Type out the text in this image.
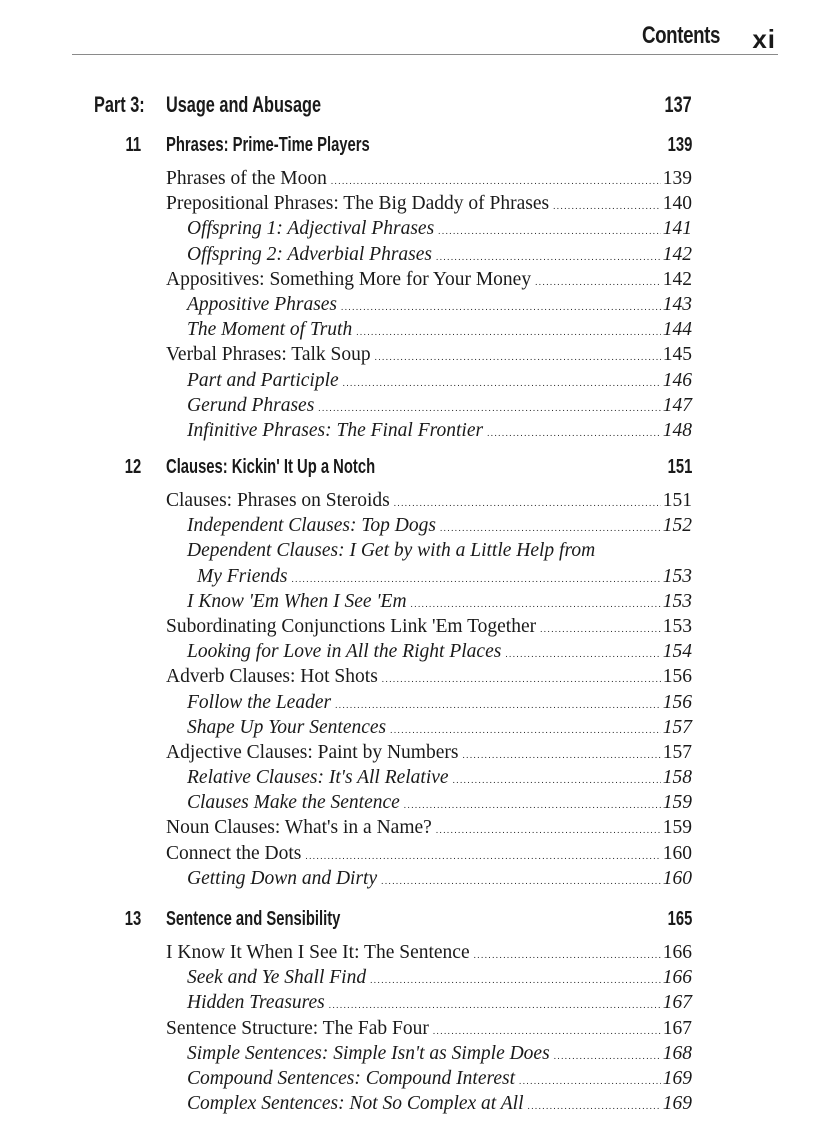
Contents xi
Part 3: Usage and Abusage	137
11 Phrases: Prime-Time Players	139
Phrases of the Moon . . .	139
Prepositional Phrases: The Big Daddy of Phrases . . .	140
Offspring 1: Adjectival Phrases . . .	141
Offspring 2: Adverbial Phrases . . .	142
Appositives: Something More for Your Money . . .	142
Appositive Phrases . . .	143
The Moment of Truth . . .	144
Verbal Phrases: Talk Soup . . .	145
Part and Participle . . .	146
Gerund Phrases . . .	147
Infinitive Phrases: The Final Frontier . . .	148
12 Clauses: Kickin' It Up a Notch	151
Clauses: Phrases on Steroids . . .	151
Independent Clauses: Top Dogs . . .	152
Dependent Clauses: I Get by with a Little Help from
My Friends . . .	153
I Know 'Em When I See 'Em . . .	153
Subordinating Conjunctions Link 'Em Together . . .	153
Looking for Love in All the Right Places . . .	154
Adverb Clauses: Hot Shots . . .	156
Follow the Leader . . .	156
Shape Up Your Sentences . . .	157
Adjective Clauses: Paint by Numbers . . .	157
Relative Clauses: It's All Relative . . .	158
Clauses Make the Sentence . . .	159
Noun Clauses: What's in a Name? . . .	159
Connect the Dots . . .	160
Getting Down and Dirty . . .	160
13 Sentence and Sensibility	165
I Know It When I See It: The Sentence . . .	166
Seek and Ye Shall Find . . .	166
Hidden Treasures . . .	167
Sentence Structure: The Fab Four . . .	167
Simple Sentences: Simple Isn't as Simple Does . . .	168
Compound Sentences: Compound Interest . . .	169
Complex Sentences: Not So Complex at All . . .	169
